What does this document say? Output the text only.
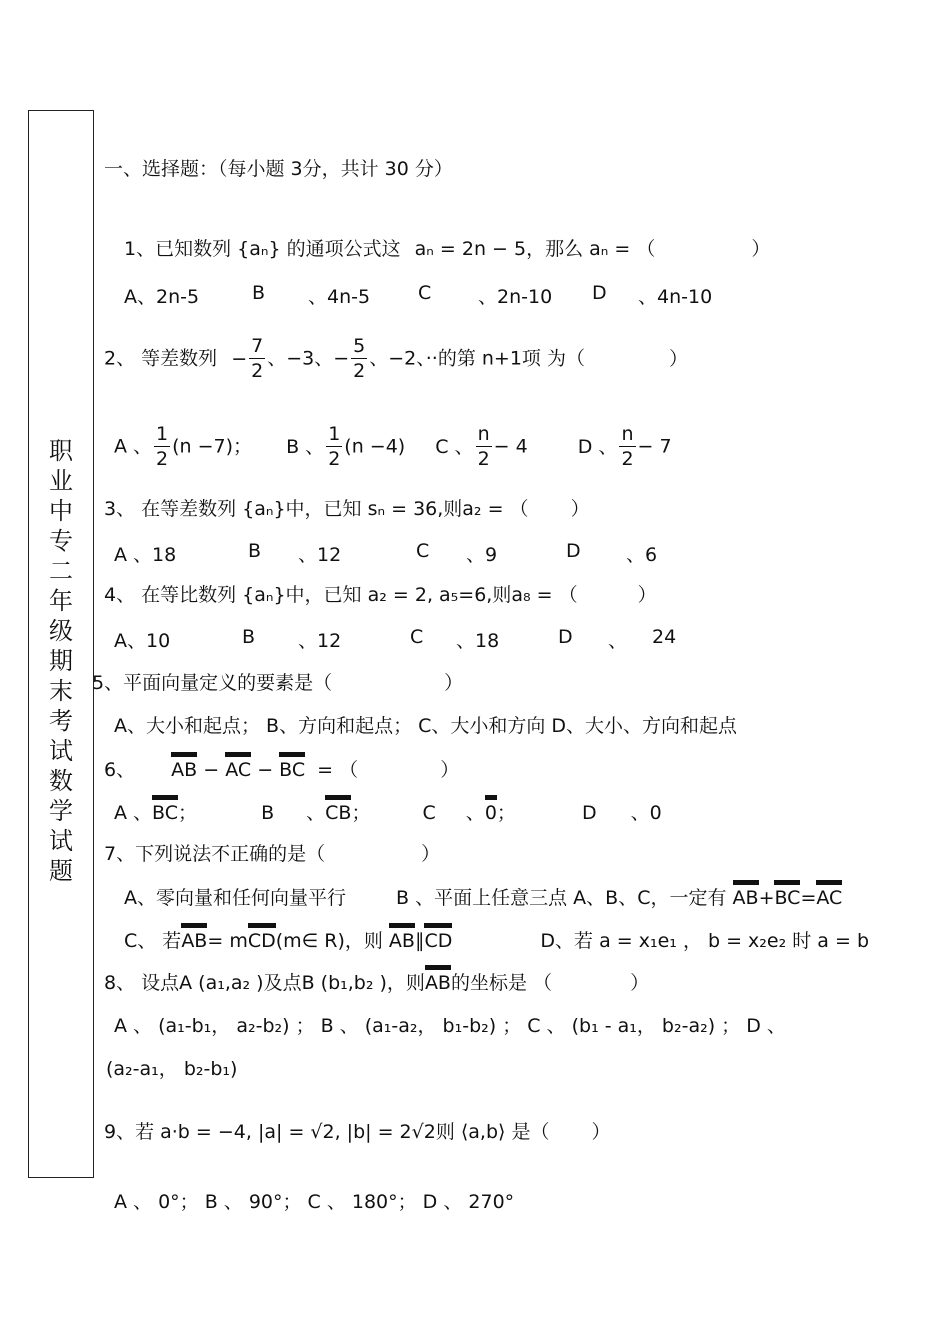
职业中专二年级期末考试数学试题
一、选择题：（每小题 3分，共计 30 分）
1、已知数列 {aₙ} 的通项公式这 aₙ = 2n − 5，那么 aₙ = （	）
A、2n-5	B	、4n-5	C	、2n-10	D	、4n-10
2、 等差数列 − $\frac{7}{2}$ 、−3、− $\frac{5}{2}$ 、−2、··的第 n+1项 为（	）
A 、 $\frac{1}{2} (n -7)$； B 、 $\frac{1}{2} (n -4)$ C 、 $\frac{n}{2} - 4$	D 、 $\frac{n}{2} - 7$
3、 在等差数列 {aₙ}中，已知 sₙ = 36,则a₂ = （ ）
A 、18	B	、12	C	、9	D	、6
4、 在等比数列 {aₙ}中，已知 a₂ = 2, a₅=6,则a₈ = （	）
A、10	B	、12	C	、18	D	、	24
5、平面向量定义的要素是（	）
A、大小和起点； B、方向和起点； C、大小和方向 D、大小、方向和起点
6、 AB − AC − BC = （	）
A 、BC；	B 、CB；	C 、0；	D 、0
7、下列说法不正确的是（	）
A、零向量和任何向量平行	B 、平面上任意三点 A、B、C，一定有 AB+BC=AC
C、 若AB= mCD(m∈ R)，则 AB∥CD	D、若 a = x₁e₁ ， b = x₂e₂ 时 a = b
8、 设点A (a₁,a₂ )及点B (b₁,b₂ )，则AB的坐标是 （	）
A 、 (a₁-b₁， a₂-b₂) ； B 、 (a₁-a₂， b₁-b₂) ； C 、 (b₁ - a₁， b₂-a₂) ； D 、
(a₂-a₁， b₂-b₁)
9、若 a·b = −4, |a| = √2, |b| = 2√2则 ⟨a,b⟩ 是（ ）
A 、 0°； B 、 90°； C 、 180°； D 、 270°
